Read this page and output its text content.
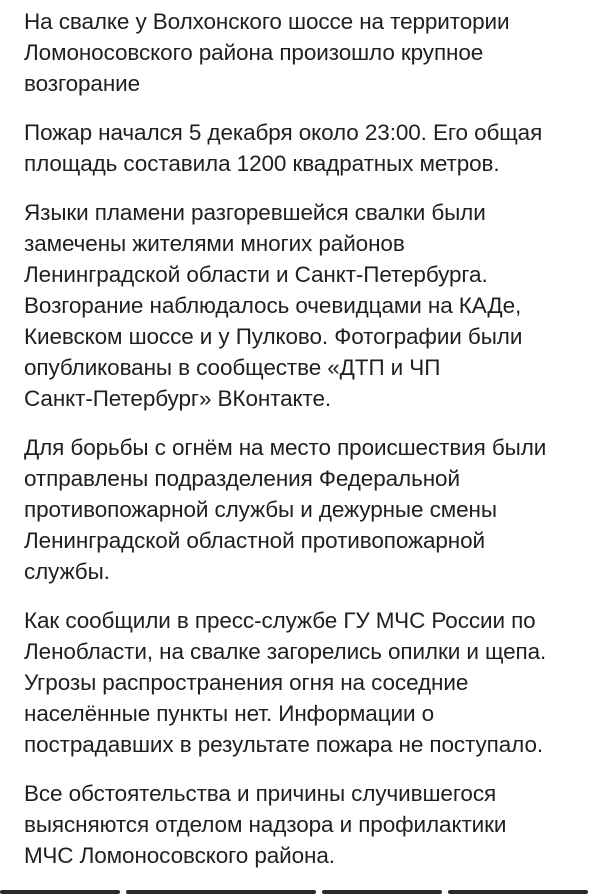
На свалке у Волхонского шоссе на территории
Ломоносовского района произошло крупное
возгорание

Пожар начался 5 декабря около 23:00. Его общая
площадь составила 1200 квадратных метров.

Языки пламени разгоревшейся свалки были
замечены жителями многих районов
Ленинградской области и Санкт-Петербурга.
Возгорание наблюдалось очевидцами на КАДе,
Киевском шоссе и у Пулково. Фотографии были
опубликованы в сообществе «ДТП и ЧП
Санкт-Петербург» ВКонтакте.

Для борьбы с огнём на место происшествия были
отправлены подразделения Федеральной
противопожарной службы и дежурные смены
Ленинградской областной противопожарной
службы.

Как сообщили в пресс-службе ГУ МЧС России по
Ленобласти, на свалке загорелись опилки и щепа.
Угрозы распространения огня на соседние
населённые пункты нет. Информации о
пострадавших в результате пожара не поступало.

Все обстоятельства и причины случившегося
выясняются отделом надзора и профилактики
МЧС Ломоносовского района.
